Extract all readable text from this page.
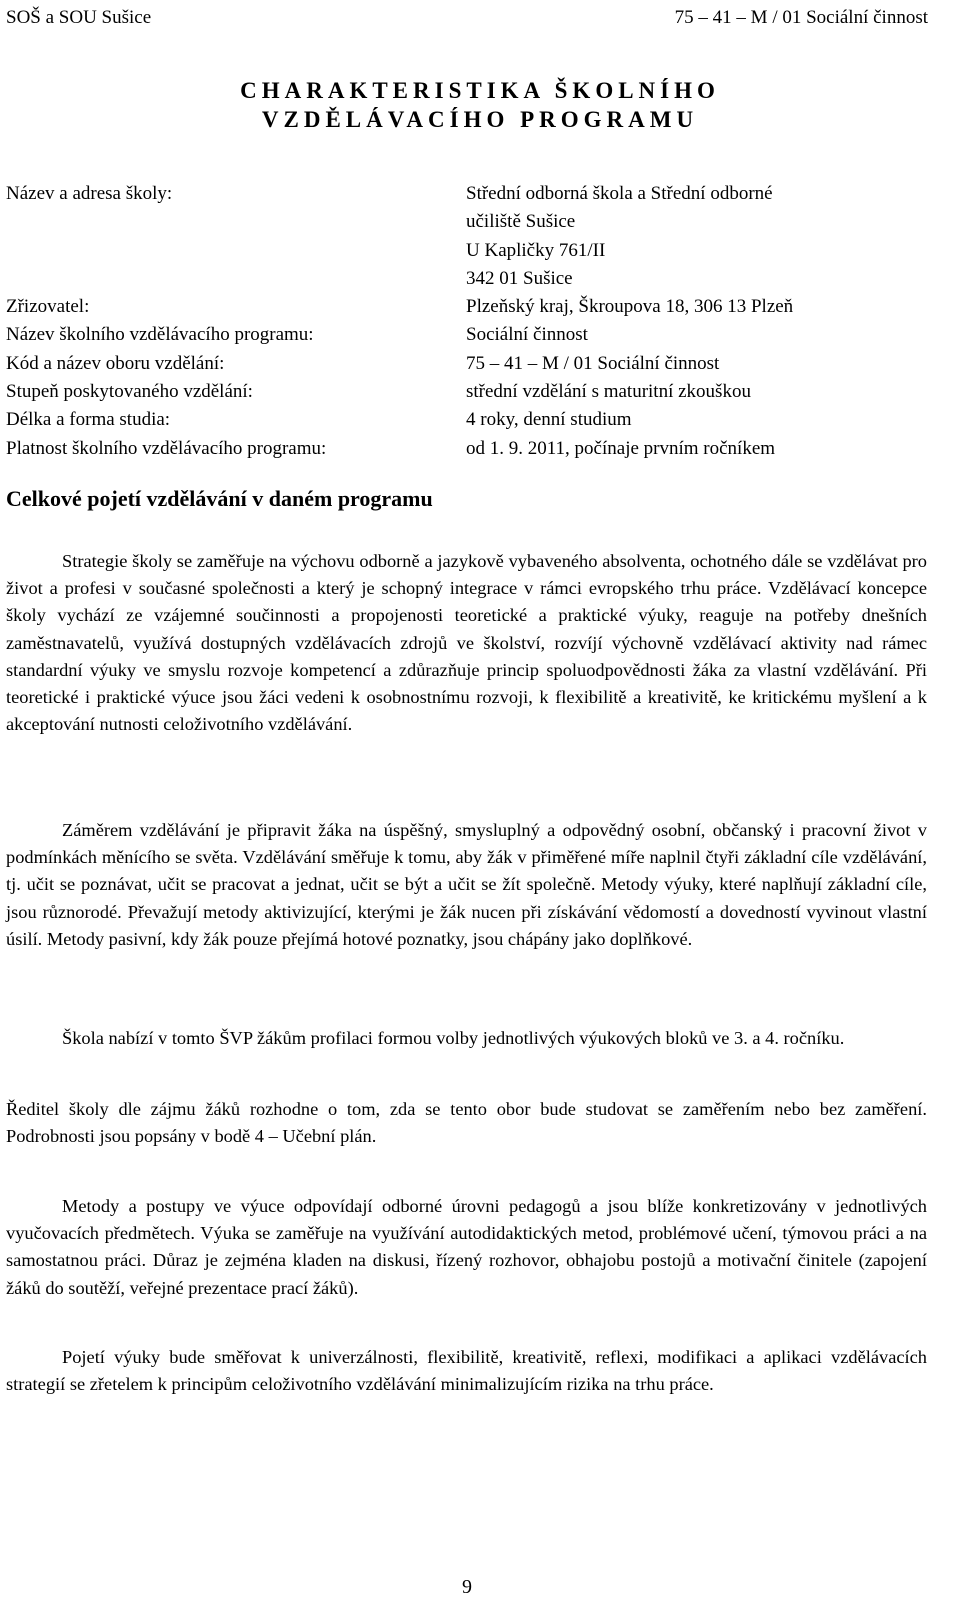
SOŠ a SOU Sušice	75 – 41 – M / 01 Sociální činnost
CHARAKTERISTIKA ŠKOLNÍHO
VZDĚLÁVACÍHO PROGRAMU
Název a adresa školy:	Střední odborná škola a Střední odborné
učiliště Sušice
U Kapličky 761/II
342 01 Sušice
Zřizovatel:	Plzeňský kraj, Škroupova 18, 306 13 Plzeň
Název školního vzdělávacího programu:	Sociální činnost
Kód a název oboru vzdělání:	75 – 41 – M / 01 Sociální činnost
Stupeň poskytovaného vzdělání:	střední vzdělání s maturitní zkouškou
Délka a forma studia:	4 roky, denní studium
Platnost školního vzdělávacího programu:	od 1. 9. 2011, počínaje prvním ročníkem
Celkové pojetí vzdělávání v daném programu

Strategie školy se zaměřuje na výchovu odborně a jazykově vybaveného absolventa, ochotného dále se vzdělávat pro život a profesi v současné společnosti a který je schopný integrace v rámci evropského trhu práce. Vzdělávací koncepce školy vychází ze vzájemné součinnosti a propojenosti teoretické a praktické výuky, reaguje na potřeby dnešních zaměstnavatelů, využívá dostupných vzdělávacích zdrojů ve školství, rozvíjí výchovně vzdělávací aktivity nad rámec standardní výuky ve smyslu rozvoje kompetencí a zdůrazňuje princip spoluodpovědnosti žáka za vlastní vzdělávání. Při teoretické i praktické výuce jsou žáci vedeni k osobnostnímu rozvoji, k flexibilitě a kreativitě, ke kritickému myšlení a k akceptování nutnosti celoživotního vzdělávání.

Záměrem vzdělávání je připravit žáka na úspěšný, smysluplný a odpovědný osobní, občanský i pracovní život v podmínkách měnícího se světa. Vzdělávání směřuje k tomu, aby žák v přiměřené míře naplnil čtyři základní cíle vzdělávání, tj. učit se poznávat, učit se pracovat a jednat, učit se být a učit se žít společně. Metody výuky, které naplňují základní cíle, jsou různorodé. Převažují metody aktivizující, kterými je žák nucen při získávání vědomostí a dovedností vyvinout vlastní úsilí. Metody pasivní, kdy žák pouze přejímá hotové poznatky, jsou chápány jako doplňkové.

Škola nabízí v tomto ŠVP žákům profilaci formou volby jednotlivých výukových bloků ve 3. a 4. ročníku.

Ředitel školy dle zájmu žáků rozhodne o tom, zda se tento obor bude studovat se zaměřením nebo bez zaměření. Podrobnosti jsou popsány v bodě 4 – Učební plán.

Metody a postupy ve výuce odpovídají odborné úrovni pedagogů a jsou blíže konkretizovány v jednotlivých vyučovacích předmětech. Výuka se zaměřuje na využívání autodidaktických metod, problémové učení, týmovou práci a na samostatnou práci. Důraz je zejména kladen na diskusi, řízený rozhovor, obhajobu postojů a motivační činitele (zapojení žáků do soutěží, veřejné prezentace prací žáků).

Pojetí výuky bude směřovat k univerzálnosti, flexibilitě, kreativitě, reflexi, modifikaci a aplikaci vzdělávacích strategií se zřetelem k principům celoživotního vzdělávání minimalizujícím rizika na trhu práce.

9
